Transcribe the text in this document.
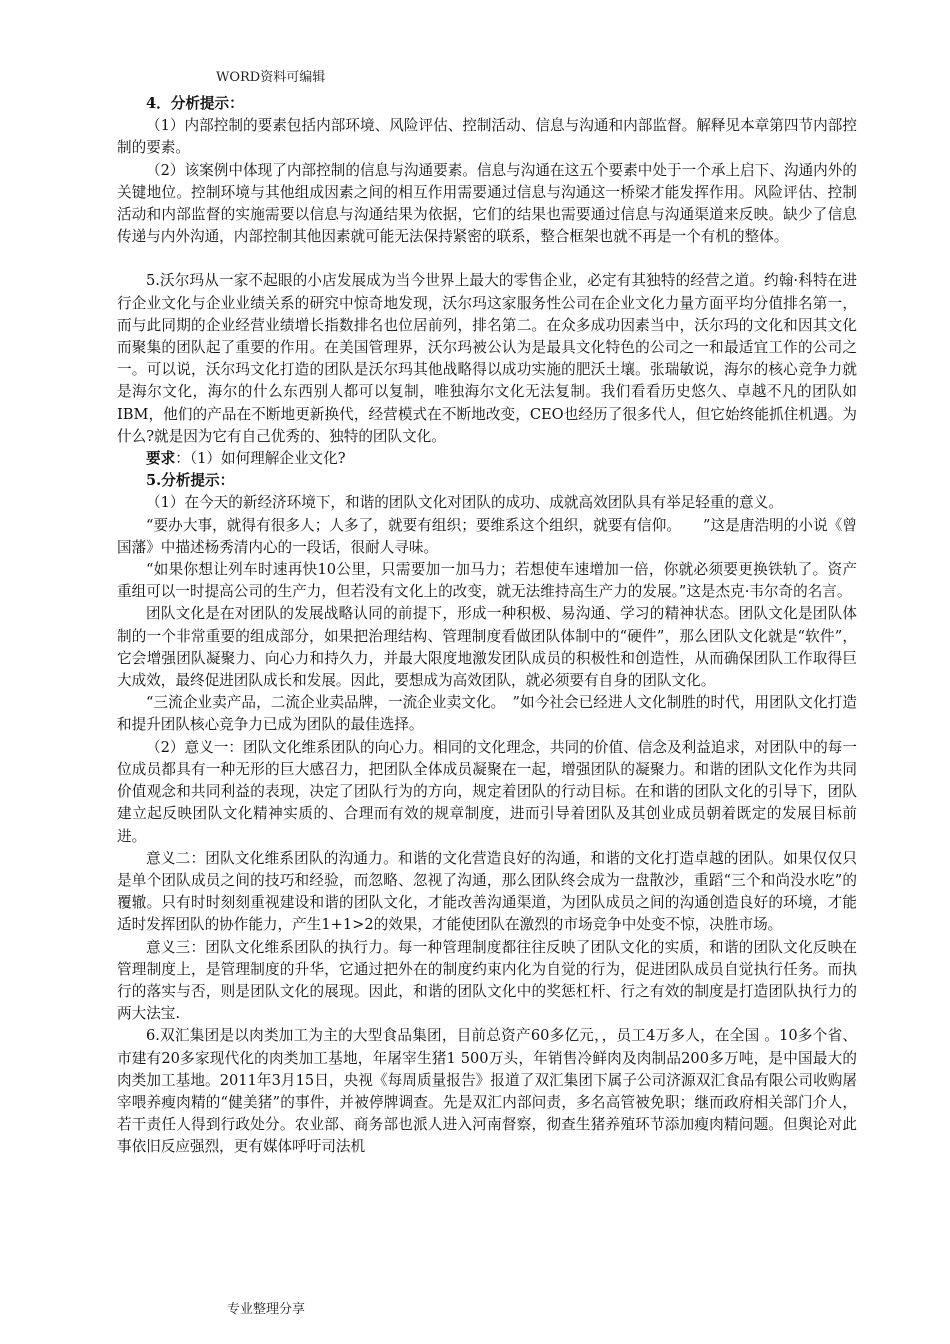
WORD资料可编辑

4．分析提示：

（1）内部控制的要素包括内部环境、风险评估、控制活动、信息与沟通和内部监督。解释见本章第四节内部控制的要素。

（2）该案例中体现了内部控制的信息与沟通要素。信息与沟通在这五个要素中处于一个承上启下、沟通内外的关键地位。控制环境与其他组成因素之间的相互作用需要通过信息与沟通这一桥梁才能发挥作用。风险评估、控制活动和内部监督的实施需要以信息与沟通结果为依据，它们的结果也需要通过信息与沟通渠道来反映。缺少了信息传递与内外沟通，内部控制其他因素就可能无法保持紧密的联系，整合框架也就不再是一个有机的整体。

5.沃尔玛从一家不起眼的小店发展成为当今世界上最大的零售企业，必定有其独特的经营之道。约翰·科特在进行企业文化与企业业绩关系的研究中惊奇地发现，沃尔玛这家服务性公司在企业文化力量方面平均分值排名第一，而与此同期的企业经营业绩增长指数排名也位居前列，排名第二。在众多成功因素当中，沃尔玛的文化和因其文化而聚集的团队起了重要的作用。在美国管理界，沃尔玛被公认为是最具文化特色的公司之一和最适宜工作的公司之一。可以说，沃尔玛文化打造的团队是沃尔玛其他战略得以成功实施的肥沃土壤。张瑞敏说，海尔的核心竞争力就是海尔文化，海尔的什么东西别人都可以复制，唯独海尔文化无法复制。我们看看历史悠久、卓越不凡的团队如IBM，他们的产品在不断地更新换代，经营模式在不断地改变，CEO也经历了很多代人，但它始终能抓住机遇。为什么?就是因为它有自己优秀的、独特的团队文化。

要求：（1）如何理解企业文化?

5.分析提示：

（1）在今天的新经济环境下，和谐的团队文化对团队的成功、成就高效团队具有举足轻重的意义。

“要办大事，就得有很多人；人多了，就要有组织；要维系这个组织，就要有信仰。　　”这是唐浩明的小说《曾国藩》中描述杨秀清内心的一段话，很耐人寻味。

“如果你想让列车时速再快10公里，只需要加一加马力；若想使车速增加一倍，你就必须要更换铁轨了。资产重组可以一时提高公司的生产力，但若没有文化上的改变，就无法维持高生产力的发展。”这是杰克·韦尔奇的名言。

团队文化是在对团队的发展战略认同的前提下，形成一种积极、易沟通、学习的精神状态。团队文化是团队体制的一个非常重要的组成部分，如果把治理结构、管理制度看做团队体制中的“硬件”，那么团队文化就是“软件”，它会增强团队凝聚力、向心力和持久力，并最大限度地激发团队成员的积极性和创造性，从而确保团队工作取得巨大成效，最终促进团队成长和发展。因此，要想成为高效团队，就必须要有自身的团队文化。

“三流企业卖产品，二流企业卖品牌，一流企业卖文化。　”如今社会已经进人文化制胜的时代，用团队文化打造和提升团队核心竞争力已成为团队的最佳选择。

（2）意义一：团队文化维系团队的向心力。相同的文化理念，共同的价值、信念及利益追求，对团队中的每一位成员都具有一种无形的巨大感召力，把团队全体成员凝聚在一起，增强团队的凝聚力。和谐的团队文化作为共同价值观念和共同利益的表现，决定了团队行为的方向，规定着团队的行动目标。在和谐的团队文化的引导下，团队建立起反映团队文化精神实质的、合理而有效的规章制度，进而引导着团队及其创业成员朝着既定的发展目标前进。

意义二：团队文化维系团队的沟通力。和谐的文化营造良好的沟通，和谐的文化打造卓越的团队。如果仅仅只是单个团队成员之间的技巧和经验，而忽略、忽视了沟通，那么团队终会成为一盘散沙，重蹈“三个和尚没水吃”的覆辙。只有时时刻刻重视建设和谐的团队文化，才能改善沟通渠道，为团队成员之间的沟通创造良好的环境，才能适时发挥团队的协作能力，产生1+1>2的效果，才能使团队在激烈的市场竞争中处变不惊，决胜市场。

意义三：团队文化维系团队的执行力。每一种管理制度都往往反映了团队文化的实质，和谐的团队文化反映在管理制度上，是管理制度的升华，它通过把外在的制度约束内化为自觉的行为，促进团队成员自觉执行任务。而执行的落实与否，则是团队文化的展现。因此，和谐的团队文化中的奖惩杠杆、行之有效的制度是打造团队执行力的两大法宝.

6.双汇集团是以肉类加工为主的大型食品集团，目前总资产60多亿元，，员工4万多人，在全国 。10多个省、市建有20多家现代化的肉类加工基地，年屠宰生猪1 500万头，年销售冷鲜肉及肉制品200多万吨，是中国最大的肉类加工基地。2011年3月15日，央视《每周质量报告》报道了双汇集团下属子公司济源双汇食品有限公司收购屠宰喂养瘦肉精的“健美猪”的事件，并被停牌调查。先是双汇内部问责，多名高管被免职；继而政府相关部门介人，若干责任人得到行政处分。农业部、商务部也派人进入河南督察，彻查生猪养殖环节添加瘦肉精问题。但舆论对此事依旧反应强烈，更有媒体呼吁司法机

专业整理分享
